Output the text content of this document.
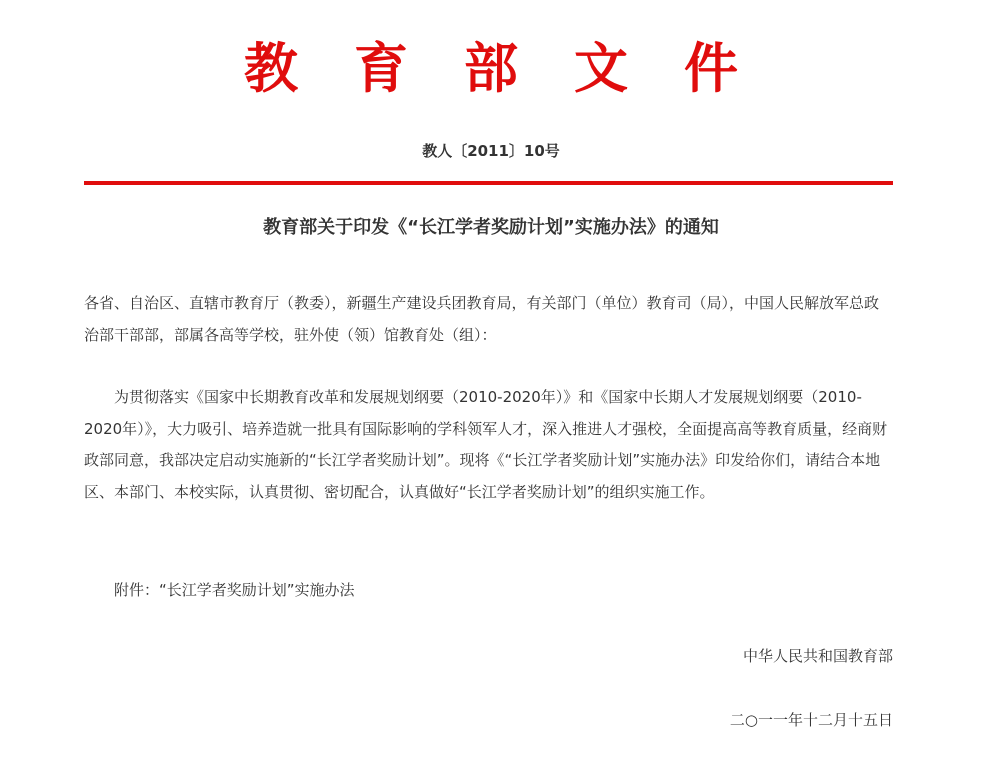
教育部文件
教人〔2011〕10号
教育部关于印发《“长江学者奖励计划”实施办法》的通知

各省、自治区、直辖市教育厅（教委），新疆生产建设兵团教育局，有关部门（单位）教育司（局），中国人民解放军总政治部干部部，部属各高等学校，驻外使（领）馆教育处（组）：

为贯彻落实《国家中长期教育改革和发展规划纲要（2010-2020年）》和《国家中长期人才发展规划纲要（2010-2020年）》，大力吸引、培养造就一批具有国际影响的学科领军人才，深入推进人才强校，全面提高高等教育质量，经商财政部同意，我部决定启动实施新的“长江学者奖励计划”。现将《“长江学者奖励计划”实施办法》印发给你们，请结合本地区、本部门、本校实际，认真贯彻、密切配合，认真做好“长江学者奖励计划”的组织实施工作。

附件：“长江学者奖励计划”实施办法

中华人民共和国教育部
二○一一年十二月十五日
